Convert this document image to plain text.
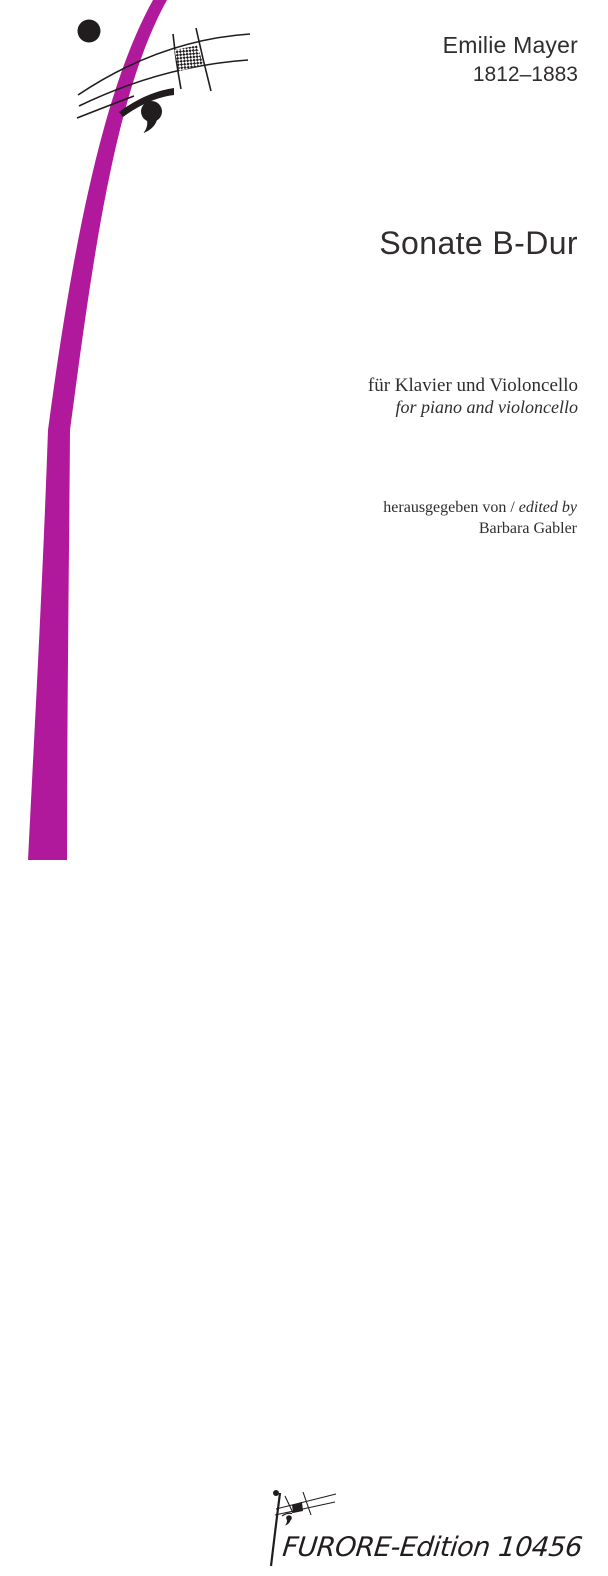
Emilie Mayer
1812–1883
Sonate B-Dur
für Klavier und Violoncello
for piano and violoncello
herausgegeben von / edited by
Barbara Gabler
FURORE-Edition 10456
